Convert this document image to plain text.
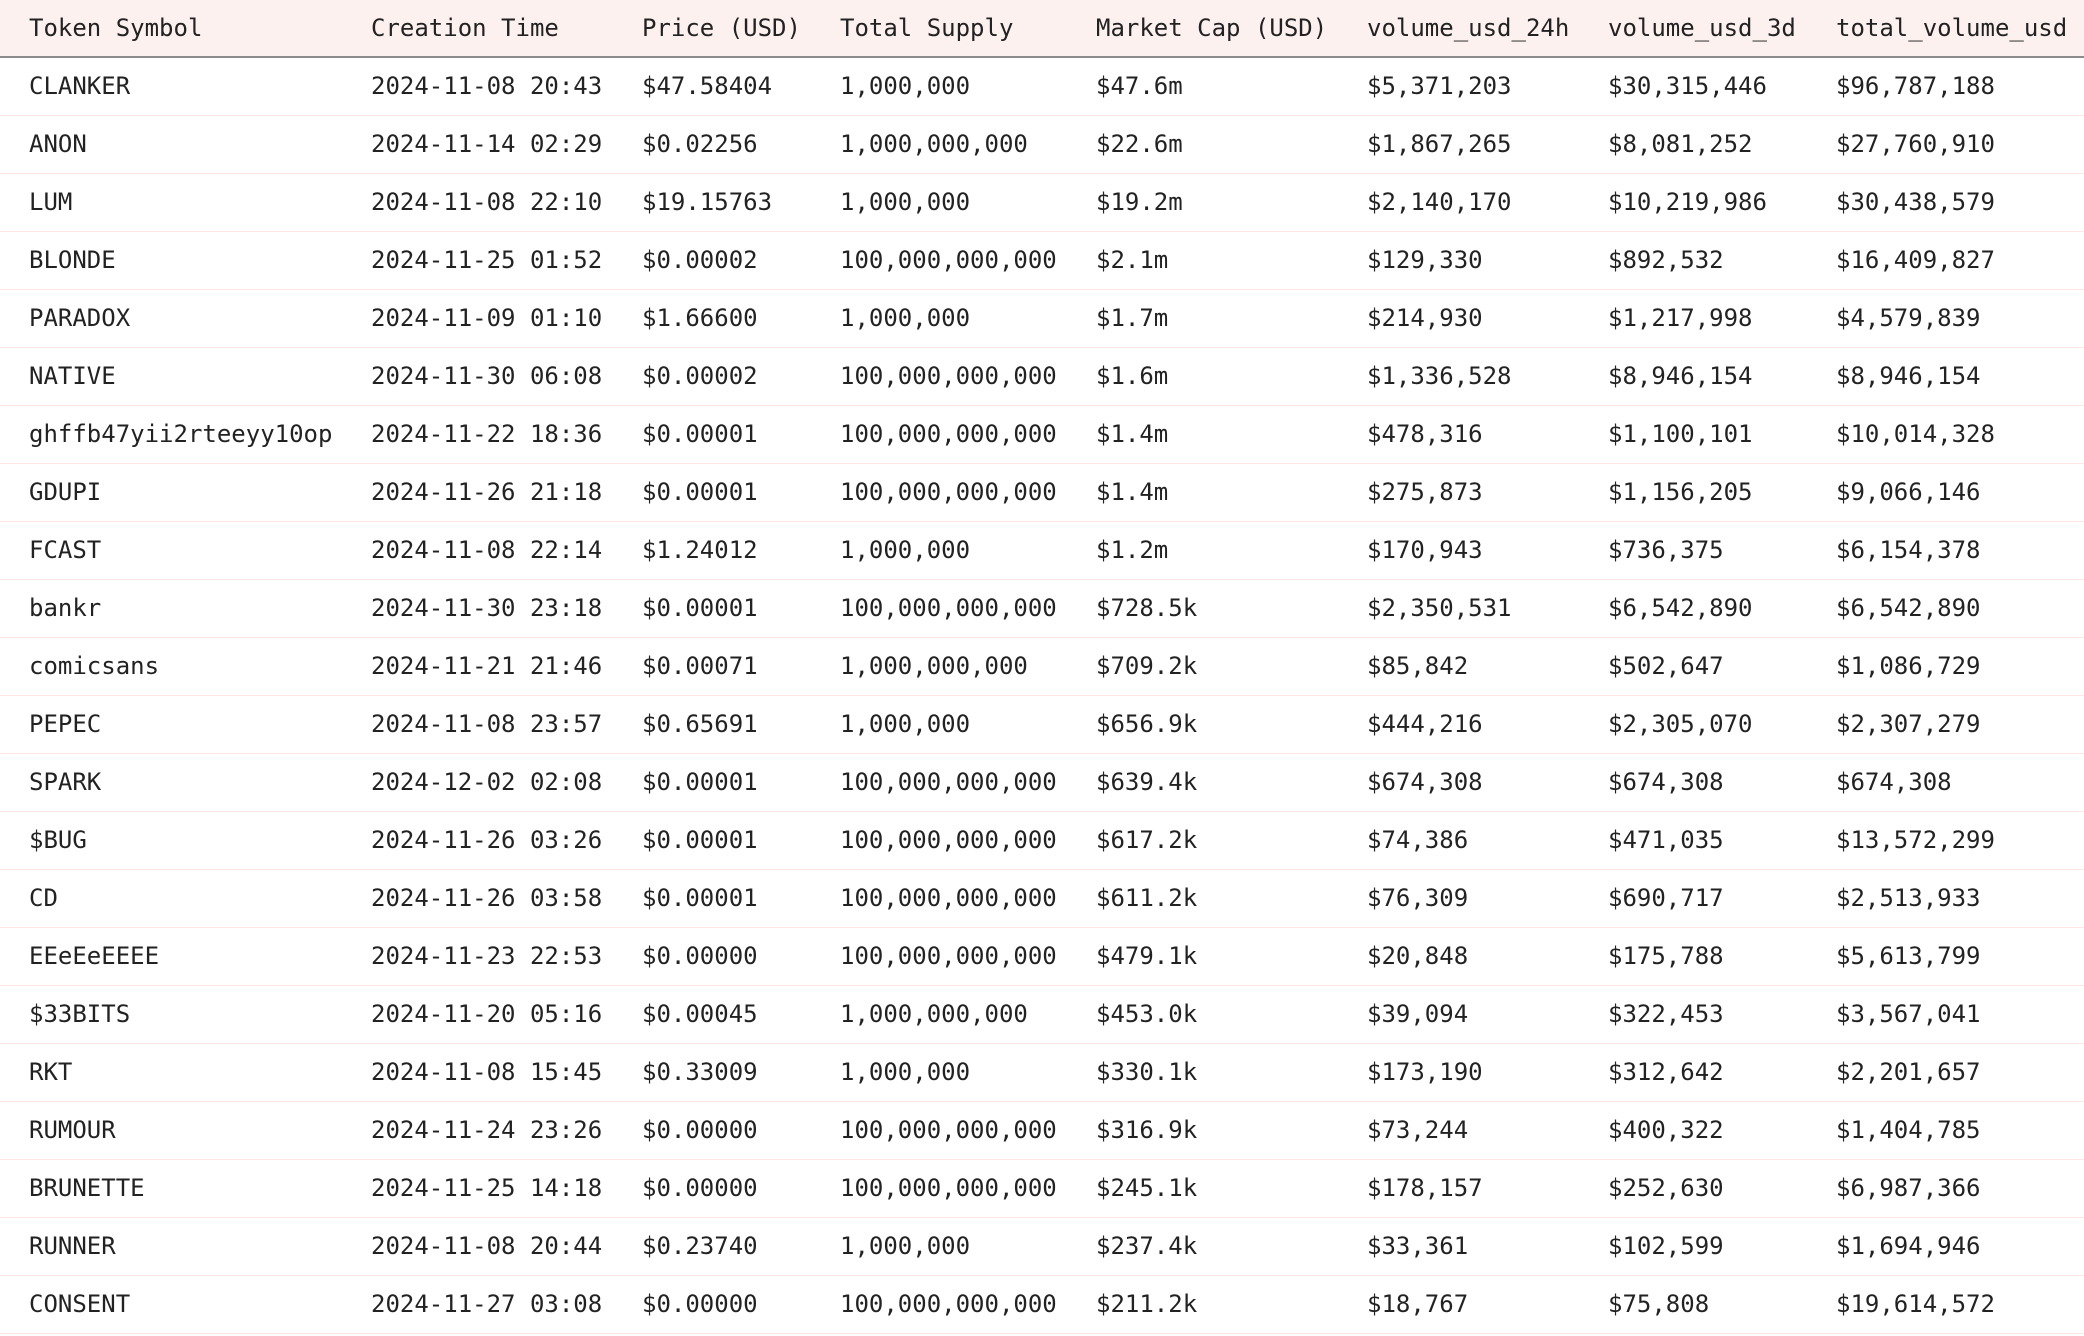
Token Symbol	Creation Time	Price (USD)	Total Supply	Market Cap (USD)	volume_usd_24h	volume_usd_3d	total_volume_usd
CLANKER	2024-11-08 20:43	$47.58404	1,000,000	$47.6m	$5,371,203	$30,315,446	$96,787,188
ANON	2024-11-14 02:29	$0.02256	1,000,000,000	$22.6m	$1,867,265	$8,081,252	$27,760,910
LUM	2024-11-08 22:10	$19.15763	1,000,000	$19.2m	$2,140,170	$10,219,986	$30,438,579
BLONDE	2024-11-25 01:52	$0.00002	100,000,000,000	$2.1m	$129,330	$892,532	$16,409,827
PARADOX	2024-11-09 01:10	$1.66600	1,000,000	$1.7m	$214,930	$1,217,998	$4,579,839
NATIVE	2024-11-30 06:08	$0.00002	100,000,000,000	$1.6m	$1,336,528	$8,946,154	$8,946,154
ghffb47yii2rteeyy10op	2024-11-22 18:36	$0.00001	100,000,000,000	$1.4m	$478,316	$1,100,101	$10,014,328
GDUPI	2024-11-26 21:18	$0.00001	100,000,000,000	$1.4m	$275,873	$1,156,205	$9,066,146
FCAST	2024-11-08 22:14	$1.24012	1,000,000	$1.2m	$170,943	$736,375	$6,154,378
bankr	2024-11-30 23:18	$0.00001	100,000,000,000	$728.5k	$2,350,531	$6,542,890	$6,542,890
comicsans	2024-11-21 21:46	$0.00071	1,000,000,000	$709.2k	$85,842	$502,647	$1,086,729
PEPEC	2024-11-08 23:57	$0.65691	1,000,000	$656.9k	$444,216	$2,305,070	$2,307,279
SPARK	2024-12-02 02:08	$0.00001	100,000,000,000	$639.4k	$674,308	$674,308	$674,308
$BUG	2024-11-26 03:26	$0.00001	100,000,000,000	$617.2k	$74,386	$471,035	$13,572,299
CD	2024-11-26 03:58	$0.00001	100,000,000,000	$611.2k	$76,309	$690,717	$2,513,933
EEeEeEEEE	2024-11-23 22:53	$0.00000	100,000,000,000	$479.1k	$20,848	$175,788	$5,613,799
$33BITS	2024-11-20 05:16	$0.00045	1,000,000,000	$453.0k	$39,094	$322,453	$3,567,041
RKT	2024-11-08 15:45	$0.33009	1,000,000	$330.1k	$173,190	$312,642	$2,201,657
RUMOUR	2024-11-24 23:26	$0.00000	100,000,000,000	$316.9k	$73,244	$400,322	$1,404,785
BRUNETTE	2024-11-25 14:18	$0.00000	100,000,000,000	$245.1k	$178,157	$252,630	$6,987,366
RUNNER	2024-11-08 20:44	$0.23740	1,000,000	$237.4k	$33,361	$102,599	$1,694,946
CONSENT	2024-11-27 03:08	$0.00000	100,000,000,000	$211.2k	$18,767	$75,808	$19,614,572
